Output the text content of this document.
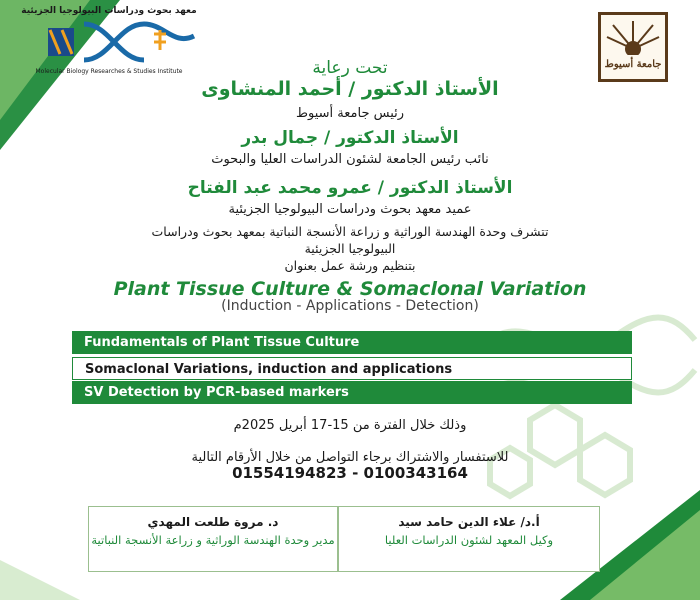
معهد بحوث ودراسات البيولوجيا الجزيئية
Molecular Biology Researches & Studies Institute
جامعة أسيوط
تحت رعاية
الأستاذ الدكتور / أحمد المنشاوى
رئيس جامعة أسيوط
الأستاذ الدكتور / جمال بدر
نائب رئيس الجامعة لشئون الدراسات العليا والبحوث
الأستاذ الدكتور / عمرو محمد عبد الفتاح
عميد معهد بحوث ودراسات البيولوجيا الجزيئية
تتشرف وحدة الهندسة الوراثية و زراعة الأنسجة النباتية بمعهد بحوث ودراسات
البيولوجيا الجزيئية
بتنظيم ورشة عمل بعنوان
Plant Tissue Culture & Somaclonal Variation
(Induction - Applications - Detection)
Fundamentals of Plant Tissue Culture
Somaclonal Variations, induction and applications
SV Detection by PCR-based markers
وذلك خلال الفترة من 15-17 أبريل 2025م
للاستفسار والاشتراك برجاء التواصل من خلال الأرقام التالية
01554194823 - 0100343164
د. مروة طلعت المهدي
مدير وحدة الهندسة الوراثية و زراعة الأنسجة النباتية
أ.د/ علاء الدين حامد سيد
وكيل المعهد لشئون الدراسات العليا
